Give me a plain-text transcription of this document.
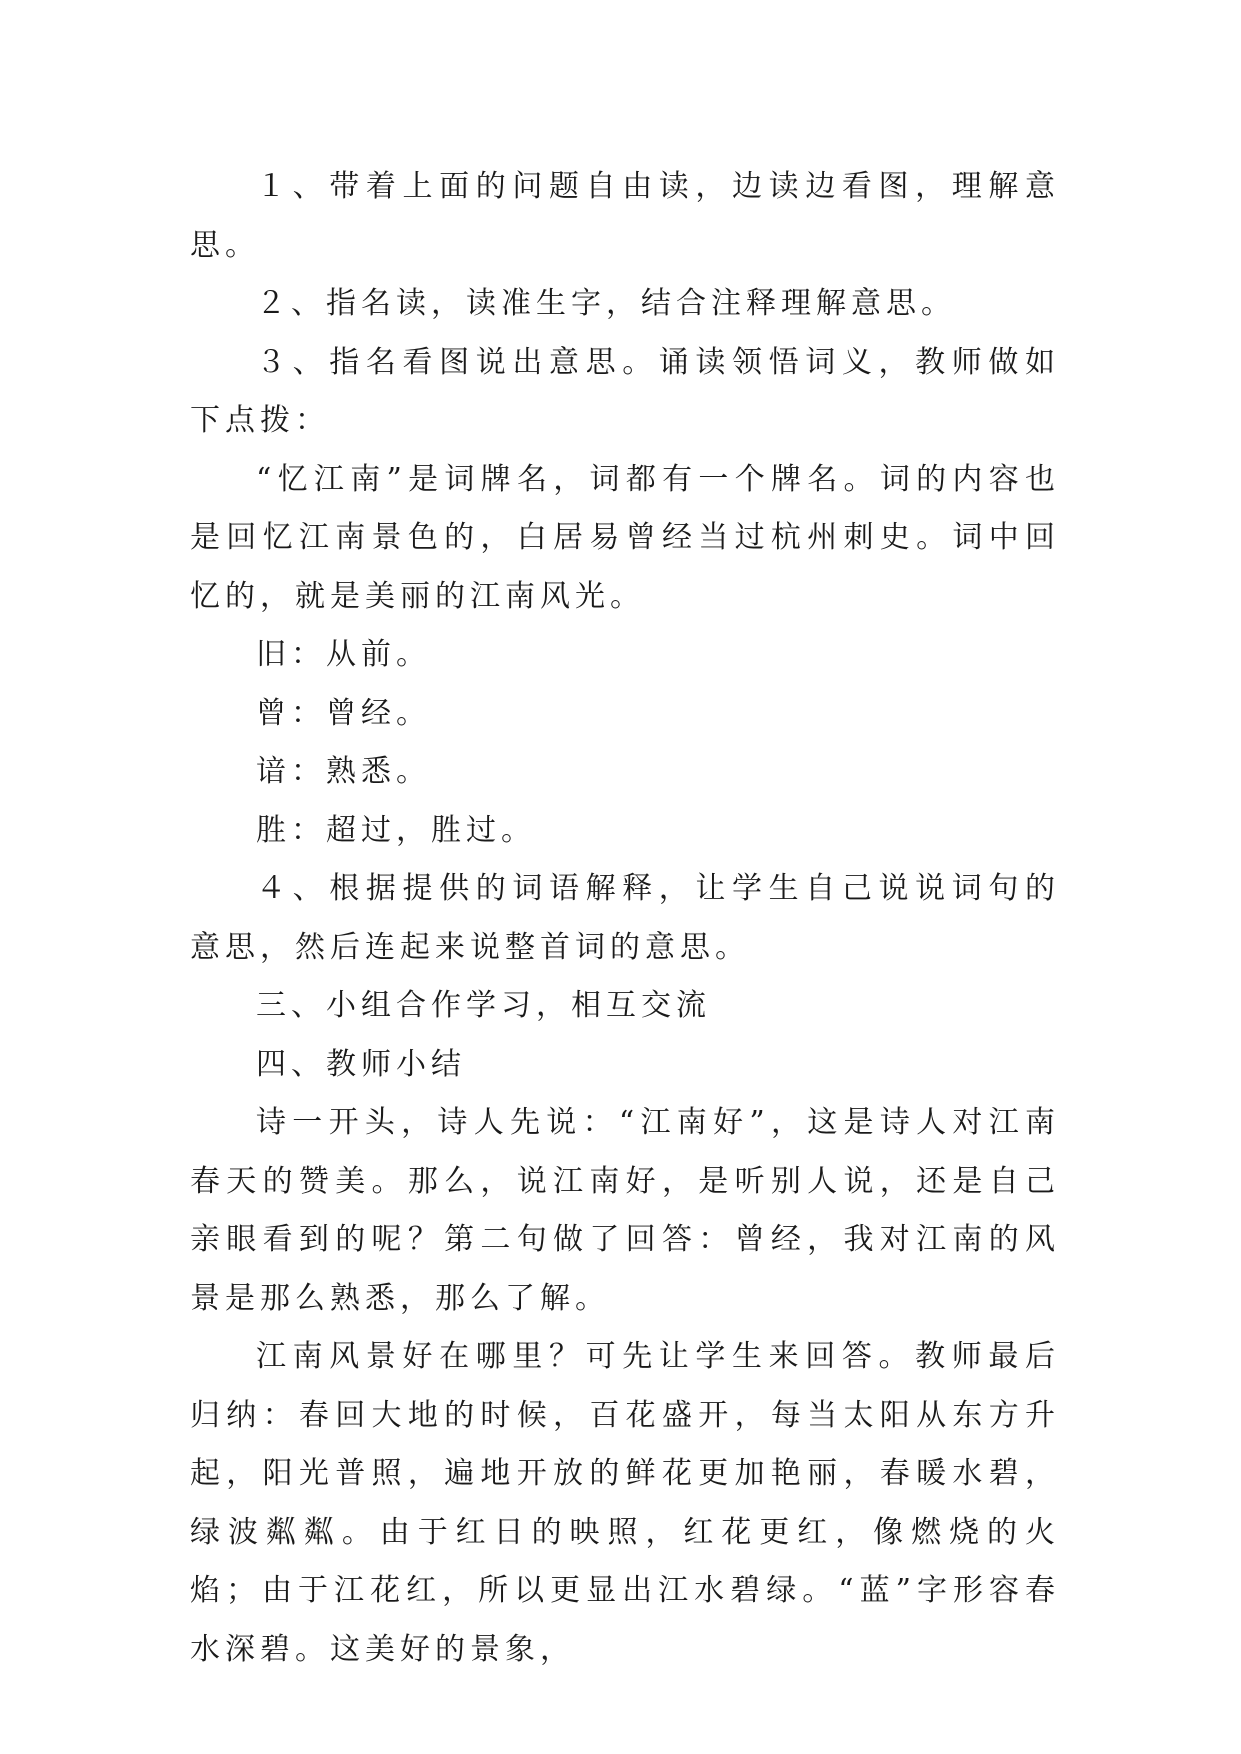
１、带着上面的问题自由读，边读边看图，理解意思。

２、指名读，读准生字，结合注释理解意思。

３、指名看图说出意思。诵读领悟词义，教师做如下点拨：

“忆江南”是词牌名，词都有一个牌名。词的内容也是回忆江南景色的，白居易曾经当过杭州刺史。词中回忆的，就是美丽的江南风光。

旧：从前。

曾：曾经。

谙：熟悉。

胜：超过，胜过。

４、根据提供的词语解释，让学生自己说说词句的意思，然后连起来说整首词的意思。

三、小组合作学习，相互交流

四、教师小结

诗一开头，诗人先说：“江南好”，这是诗人对江南春天的赞美。那么，说江南好，是听别人说，还是自己亲眼看到的呢？第二句做了回答：曾经，我对江南的风景是那么熟悉，那么了解。

江南风景好在哪里？可先让学生来回答。教师最后归纳：春回大地的时候，百花盛开，每当太阳从东方升起，阳光普照，遍地开放的鲜花更加艳丽，春暖水碧，绿波粼粼。由于红日的映照，红花更红，像燃烧的火焰；由于江花红，所以更显出江水碧绿。“蓝”字形容春水深碧。这美好的景象，
